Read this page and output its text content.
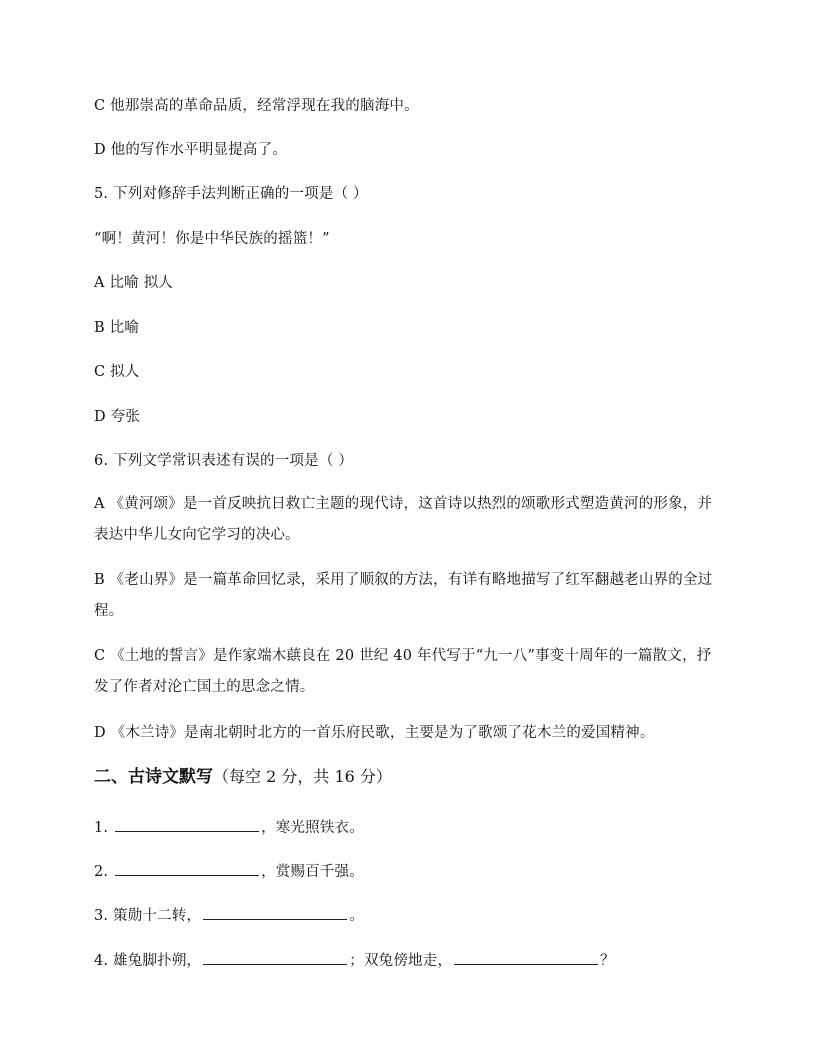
C 他那崇高的革命品质，经常浮现在我的脑海中。
D 他的写作水平明显提高了。
5. 下列对修辞手法判断正确的一项是（ ）
“啊！黄河！你是中华民族的摇篮！”
A 比喻 拟人
B 比喻
C 拟人
D 夸张
6. 下列文学常识表述有误的一项是（ ）
A 《黄河颂》是一首反映抗日救亡主题的现代诗，这首诗以热烈的颂歌形式塑造黄河的形象，并表达中华儿女向它学习的决心。
B 《老山界》是一篇革命回忆录，采用了顺叙的方法，有详有略地描写了红军翻越老山界的全过程。
C 《土地的誓言》是作家端木蕻良在 20 世纪 40 年代写于“九一八”事变十周年的一篇散文，抒发了作者对沦亡国土的思念之情。
D 《木兰诗》是南北朝时北方的一首乐府民歌，主要是为了歌颂了花木兰的爱国精神。
二、古诗文默写（每空 2 分，共 16 分）
1.	，寒光照铁衣。
2.	，赏赐百千强。
3. 策勋十二转，	。
4. 雄兔脚扑朔，	；双兔傍地走，	？
